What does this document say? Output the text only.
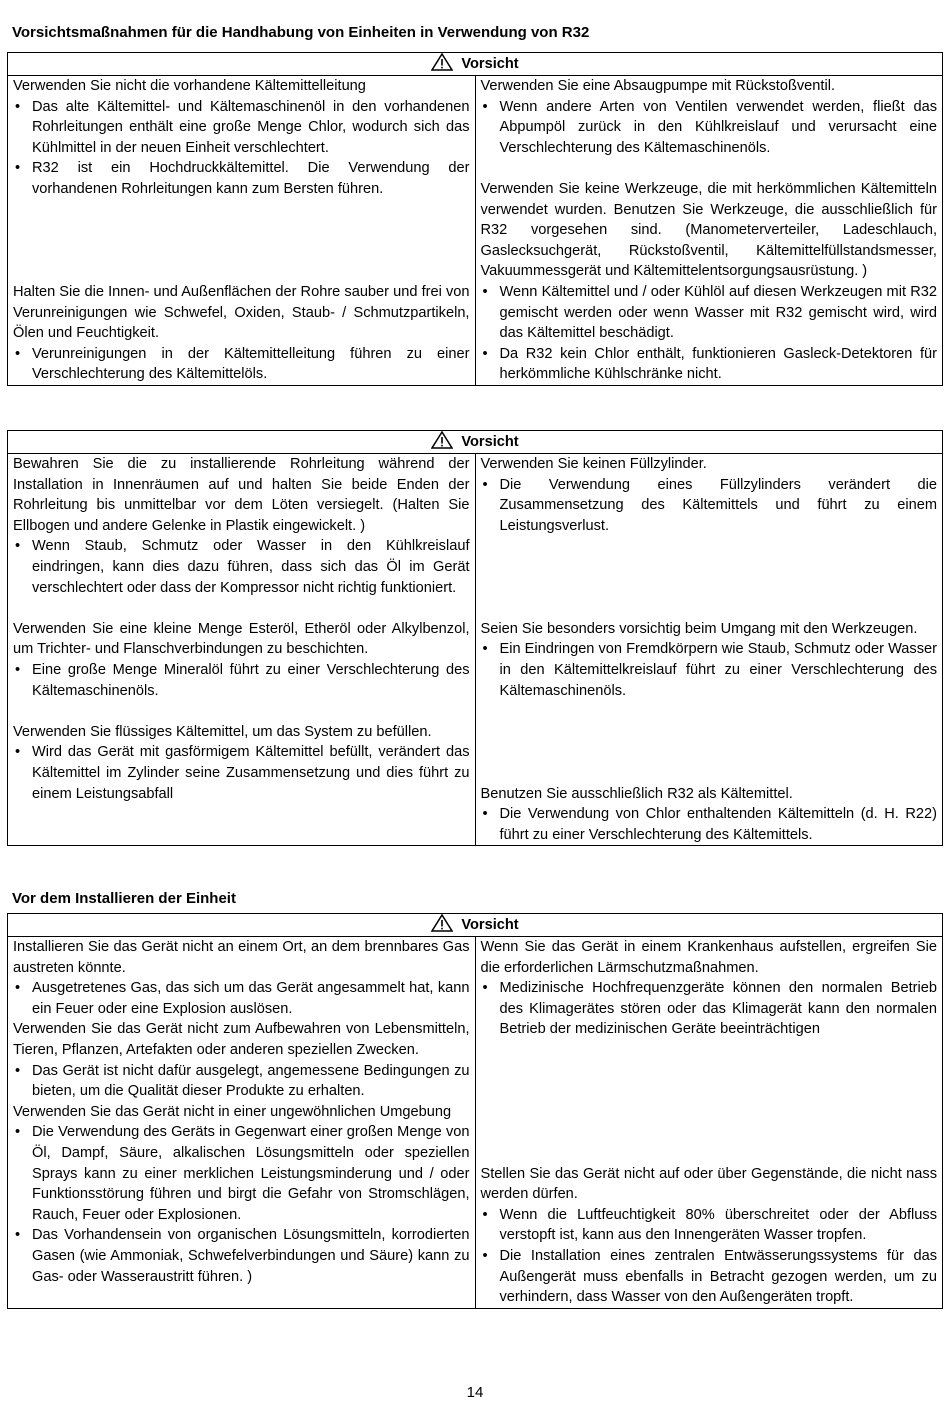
Vorsichtsmaßnahmen für die Handhabung von Einheiten in Verwendung von R32
Vorsicht

Verwenden Sie nicht die vorhandene Kältemittelleitung
• Das alte Kältemittel- und Kältemaschinenöl in den vorhandenen Rohrleitungen enthält eine große Menge Chlor, wodurch sich das Kühlmittel in der neuen Einheit verschlechtert.
• R32 ist ein Hochdruckkältemittel. Die Verwendung der vorhandenen Rohrleitungen kann zum Bersten führen.
Halten Sie die Innen- und Außenflächen der Rohre sauber und frei von Verunreinigungen wie Schwefel, Oxiden, Staub- / Schmutzpartikeln, Ölen und Feuchtigkeit.
• Verunreinigungen in der Kältemittelleitung führen zu einer Verschlechterung des Kältemittelöls.

Verwenden Sie eine Absaugpumpe mit Rückstoßventil.
• Wenn andere Arten von Ventilen verwendet werden, fließt das Abpumpöl zurück in den Kühlkreislauf und verursacht eine Verschlechterung des Kältemaschinenöls.
Verwenden Sie keine Werkzeuge, die mit herkömmlichen Kältemitteln verwendet wurden. Benutzen Sie Werkzeuge, die ausschließlich für R32 vorgesehen sind. (Manometerverteiler, Ladeschlauch, Gaslecksuchgerät, Rückstoßventil, Kältemittelfüllstandsmesser, Vakuummessgerät und Kältemittelentsorgungsausrüstung. )
• Wenn Kältemittel und / oder Kühlöl auf diesen Werkzeugen mit R32 gemischt werden oder wenn Wasser mit R32 gemischt wird, wird das Kältemittel beschädigt.
• Da R32 kein Chlor enthält, funktionieren Gasleck-Detektoren für herkömmliche Kühlschränke nicht.
Vorsicht

Bewahren Sie die zu installierende Rohrleitung während der Installation in Innenräumen auf und halten Sie beide Enden der Rohrleitung bis unmittelbar vor dem Löten versiegelt. (Halten Sie Ellbogen und andere Gelenke in Plastik eingewickelt. )
• Wenn Staub, Schmutz oder Wasser in den Kühlkreislauf eindringen, kann dies dazu führen, dass sich das Öl im Gerät verschlechtert oder dass der Kompressor nicht richtig funktioniert.
Verwenden Sie eine kleine Menge Esteröl, Etheröl oder Alkylbenzol, um Trichter- und Flanschverbindungen zu beschichten.
• Eine große Menge Mineralöl führt zu einer Verschlechterung des Kältemaschinenöls.
Verwenden Sie flüssiges Kältemittel, um das System zu befüllen.
• Wird das Gerät mit gasförmigem Kältemittel befüllt, verändert das Kältemittel im Zylinder seine Zusammensetzung und dies führt zu einem Leistungsabfall

Verwenden Sie keinen Füllzylinder.
• Die Verwendung eines Füllzylinders verändert die Zusammensetzung des Kältemittels und führt zu einem Leistungsverlust.
Seien Sie besonders vorsichtig beim Umgang mit den Werkzeugen.
• Ein Eindringen von Fremdkörpern wie Staub, Schmutz oder Wasser in den Kältemittelkreislauf führt zu einer Verschlechterung des Kältemaschinenöls.
Benutzen Sie ausschließlich R32 als Kältemittel.
• Die Verwendung von Chlor enthaltenden Kältemitteln (d. H. R22) führt zu einer Verschlechterung des Kältemittels.
Vor dem Installieren der Einheit
Vorsicht

Installieren Sie das Gerät nicht an einem Ort, an dem brennbares Gas austreten könnte.
• Ausgetretenes Gas, das sich um das Gerät angesammelt hat, kann ein Feuer oder eine Explosion auslösen.
Verwenden Sie das Gerät nicht zum Aufbewahren von Lebensmitteln, Tieren, Pflanzen, Artefakten oder anderen speziellen Zwecken.
• Das Gerät ist nicht dafür ausgelegt, angemessene Bedingungen zu bieten, um die Qualität dieser Produkte zu erhalten.
Verwenden Sie das Gerät nicht in einer ungewöhnlichen Umgebung
• Die Verwendung des Geräts in Gegenwart einer großen Menge von Öl, Dampf, Säure, alkalischen Lösungsmitteln oder speziellen Sprays kann zu einer merklichen Leistungsminderung und / oder Funktionsstörung führen und birgt die Gefahr von Stromschlägen, Rauch, Feuer oder Explosionen.
• Das Vorhandensein von organischen Lösungsmitteln, korrodierten Gasen (wie Ammoniak, Schwefelverbindungen und Säure) kann zu Gas- oder Wasseraustritt führen. )

Wenn Sie das Gerät in einem Krankenhaus aufstellen, ergreifen Sie die erforderlichen Lärmschutzmaßnahmen.
• Medizinische Hochfrequenzgeräte können den normalen Betrieb des Klimagerätes stören oder das Klimagerät kann den normalen Betrieb der medizinischen Geräte beeinträchtigen
Stellen Sie das Gerät nicht auf oder über Gegenstände, die nicht nass werden dürfen.
• Wenn die Luftfeuchtigkeit 80% überschreitet oder der Abfluss verstopft ist, kann aus den Innengeräten Wasser tropfen.
• Die Installation eines zentralen Entwässerungssystems für das Außengerät muss ebenfalls in Betracht gezogen werden, um zu verhindern, dass Wasser von den Außengeräten tropft.
14
